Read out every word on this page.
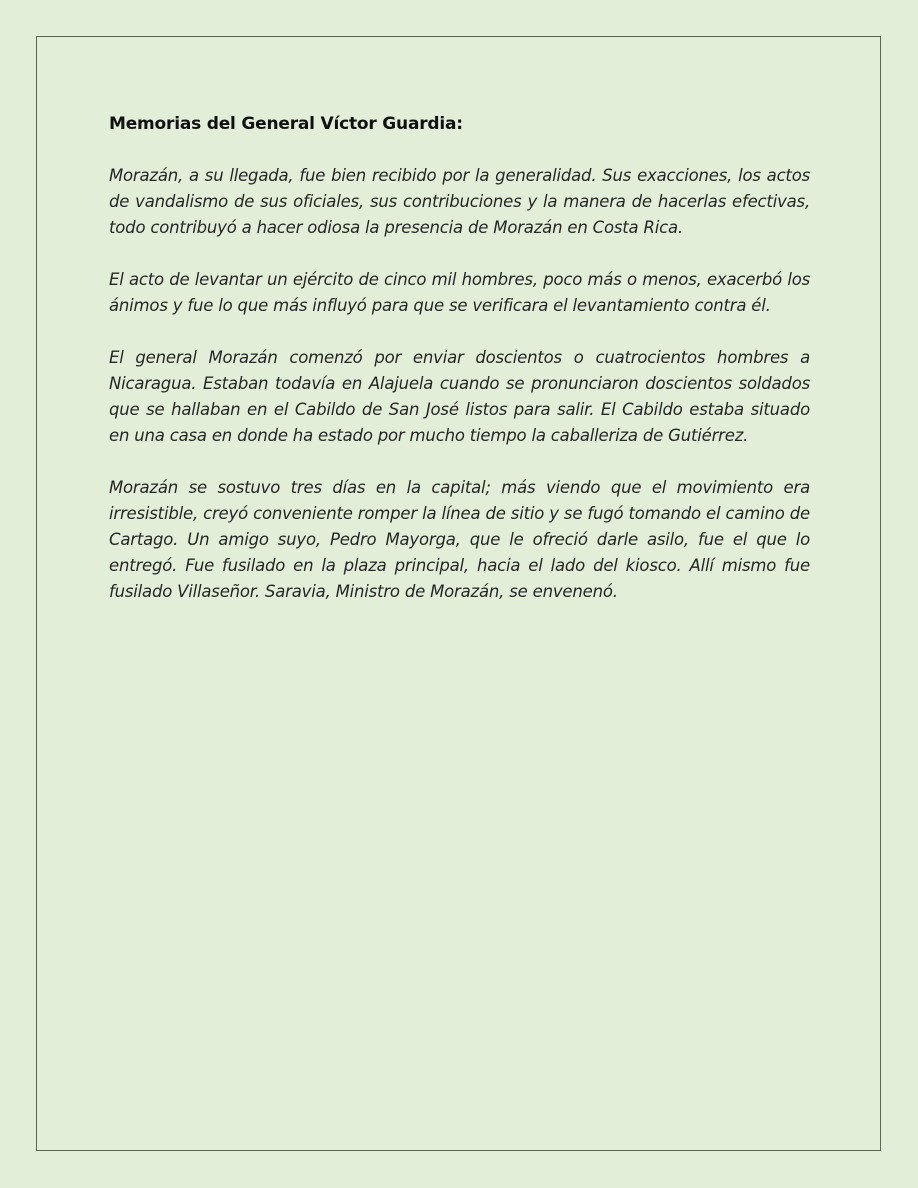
Memorias del General Víctor Guardia:

Morazán, a su llegada, fue bien recibido por la generalidad. Sus exacciones, los actos de vandalismo de sus oficiales, sus contribuciones y la manera de hacerlas efectivas, todo contribuyó a hacer odiosa la presencia de Morazán en Costa Rica.

El acto de levantar un ejército de cinco mil hombres, poco más o menos, exacerbó los ánimos y fue lo que más influyó para que se verificara el levantamiento contra él.

El general Morazán comenzó por enviar doscientos o cuatrocientos hombres a Nicaragua. Estaban todavía en Alajuela cuando se pronunciaron doscientos soldados que se hallaban en el Cabildo de San José listos para salir. El Cabildo estaba situado en una casa en donde ha estado por mucho tiempo la caballeriza de Gutiérrez.

Morazán se sostuvo tres días en la capital; más viendo que el movimiento era irresistible, creyó conveniente romper la línea de sitio y se fugó tomando el camino de Cartago. Un amigo suyo, Pedro Mayorga, que le ofreció darle asilo, fue el que lo entregó. Fue fusilado en la plaza principal, hacia el lado del kiosco. Allí mismo fue fusilado Villaseñor. Saravia, Ministro de Morazán, se envenenó.
